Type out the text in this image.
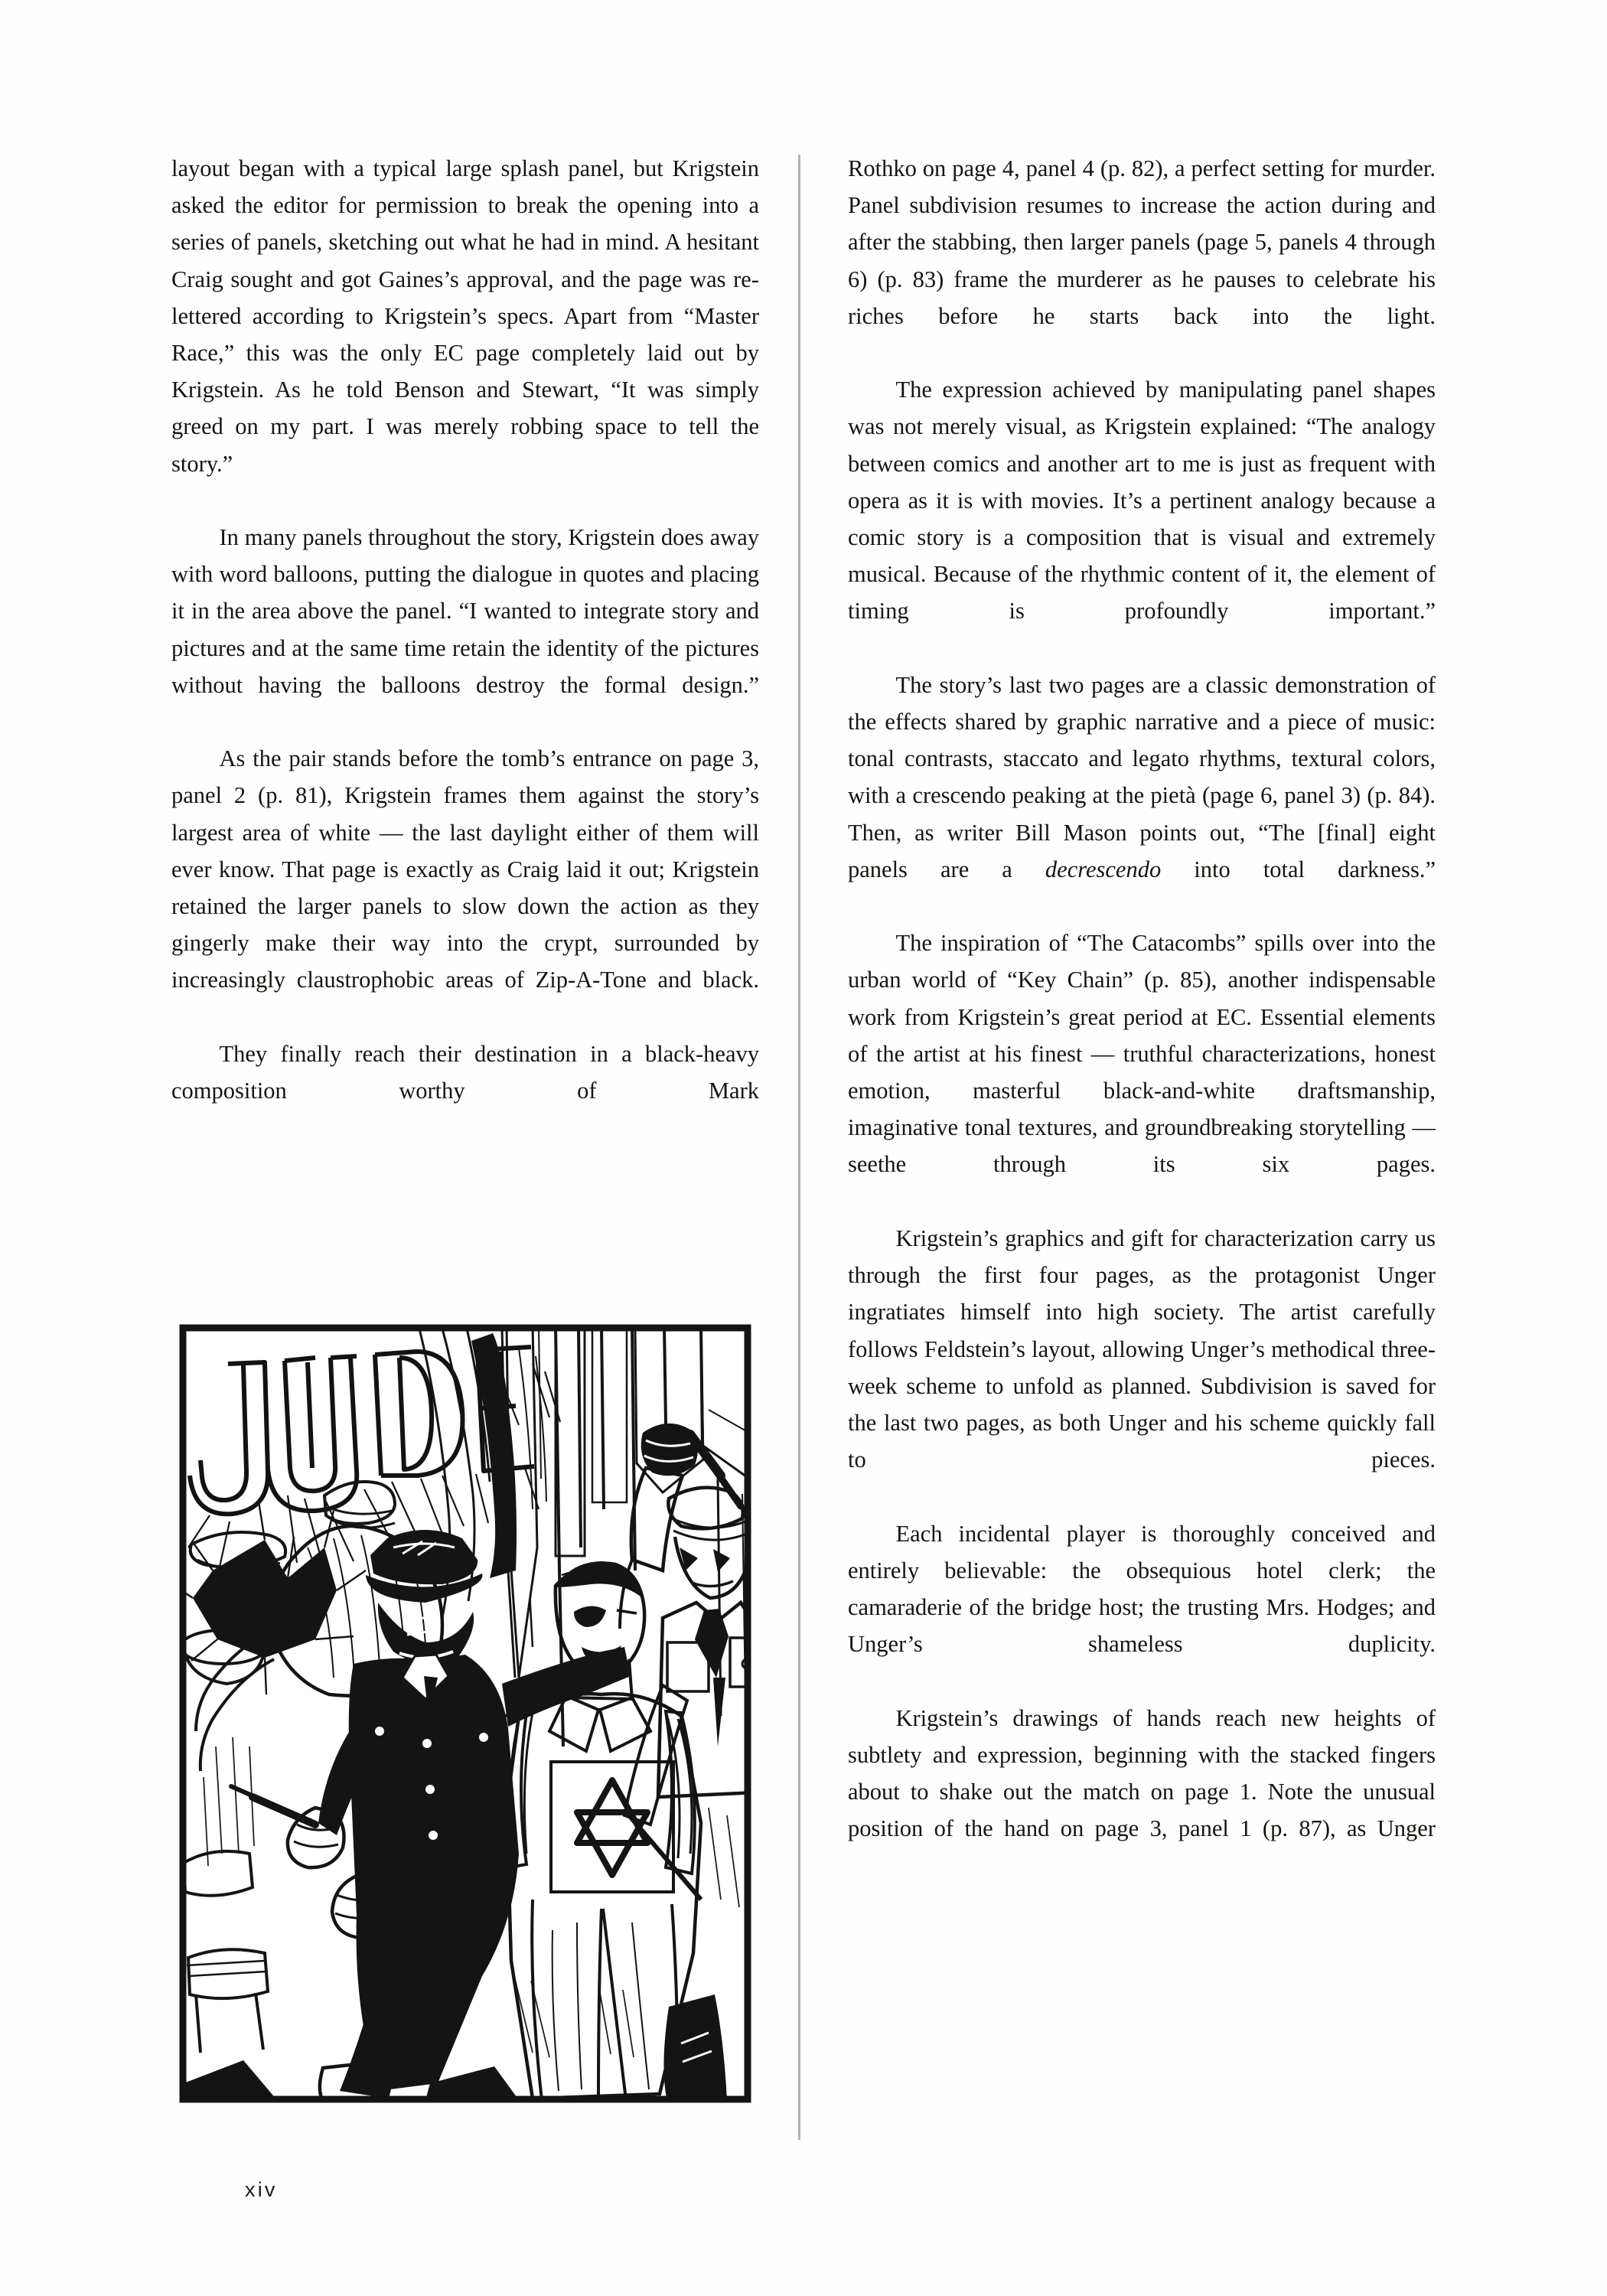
layout began with a typical large splash panel, but Krigstein asked the editor for permission to break the opening into a series of panels, sketching out what he had in mind. A hesitant Craig sought and got Gaines’s approval, and the page was re-lettered according to Krigstein’s specs. Apart from “Master Race,” this was the only EC page completely laid out by Krigstein. As he told Benson and Stewart, “It was simply greed on my part. I was merely robbing space to tell the story.”

In many panels throughout the story, Krigstein does away with word balloons, putting the dialogue in quotes and placing it in the area above the panel. “I wanted to integrate story and pictures and at the same time retain the identity of the pictures without having the balloons destroy the formal design.”

As the pair stands before the tomb’s entrance on page 3, panel 2 (p. 81), Krigstein frames them against the story’s largest area of white — the last daylight either of them will ever know. That page is exactly as Craig laid it out; Krigstein retained the larger panels to slow down the action as they gingerly make their way into the crypt, surrounded by increasingly claustrophobic areas of Zip-A-Tone and black.

They finally reach their destination in a black-heavy composition worthy of Mark

Rothko on page 4, panel 4 (p. 82), a perfect setting for murder. Panel subdivision resumes to increase the action during and after the stabbing, then larger panels (page 5, panels 4 through 6) (p. 83) frame the murderer as he pauses to celebrate his riches before he starts back into the light.

The expression achieved by manipulating panel shapes was not merely visual, as Krigstein explained: “The analogy between comics and another art to me is just as frequent with opera as it is with movies. It’s a pertinent analogy because a comic story is a composition that is visual and extremely musical. Because of the rhythmic content of it, the element of timing is profoundly important.”

The story’s last two pages are a classic demonstration of the effects shared by graphic narrative and a piece of music: tonal contrasts, staccato and legato rhythms, textural colors, with a crescendo peaking at the pietà (page 6, panel 3) (p. 84). Then, as writer Bill Mason points out, “The [final] eight panels are a decrescendo into total darkness.”

The inspiration of “The Catacombs” spills over into the urban world of “Key Chain” (p. 85), another indispensable work from Krigstein’s great period at EC. Essential elements of the artist at his finest — truthful characterizations, honest emotion, masterful black-and-white draftsmanship, imaginative tonal textures, and groundbreaking storytelling — seethe through its six pages.

Krigstein’s graphics and gift for characterization carry us through the first four pages, as the protagonist Unger ingratiates himself into high society. The artist carefully follows Feldstein’s layout, allowing Unger’s methodical three-week scheme to unfold as planned. Subdivision is saved for the last two pages, as both Unger and his scheme quickly fall to pieces.

Each incidental player is thoroughly conceived and entirely believable: the obsequious hotel clerk; the camaraderie of the bridge host; the trusting Mrs. Hodges; and Unger’s shameless duplicity.

Krigstein’s drawings of hands reach new heights of subtlety and expression, beginning with the stacked fingers about to shake out the match on page 1. Note the unusual position of the hand on page 3, panel 1 (p. 87), as Unger

xiv
